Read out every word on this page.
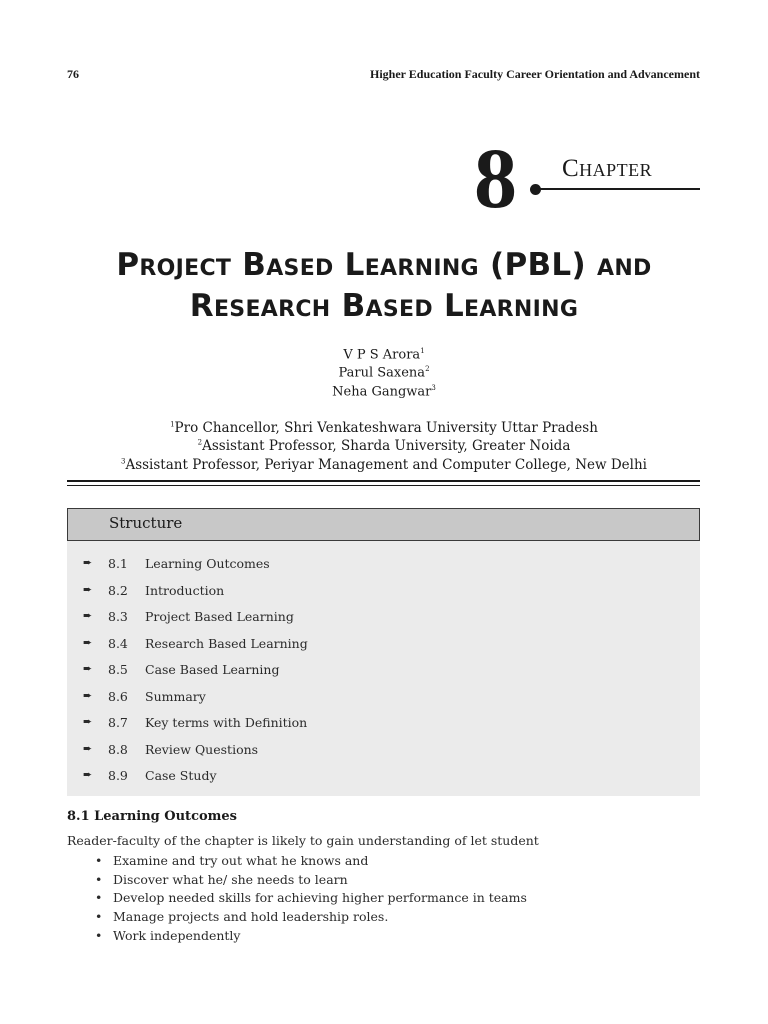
76	Higher Education Faculty Career Orientation and Advancement
8 Chapter
Project Based Learning (PBL) and
Research Based Learning
V P S Arora$^1$
Parul Saxena$^2$
Neha Gangwar$^3$
$^1$Pro Chancellor, Shri Venkateshwara University Uttar Pradesh
$^2$Assistant Professor, Sharda University, Greater Noida
$^3$Assistant Professor, Periyar Management and Computer College, New Delhi
Structure
➨ 8.1 Learning Outcomes
➨ 8.2 Introduction
➨ 8.3 Project Based Learning
➨ 8.4 Research Based Learning
➨ 8.5 Case Based Learning
➨ 8.6 Summary
➨ 8.7 Key terms with Definition
➨ 8.8 Review Questions
➨ 8.9 Case Study
8.1 Learning Outcomes
Reader-faculty of the chapter is likely to gain understanding of let student
• Examine and try out what he knows and
• Discover what he/ she needs to learn
• Develop needed skills for achieving higher performance in teams
• Manage projects and hold leadership roles.
• Work independently
